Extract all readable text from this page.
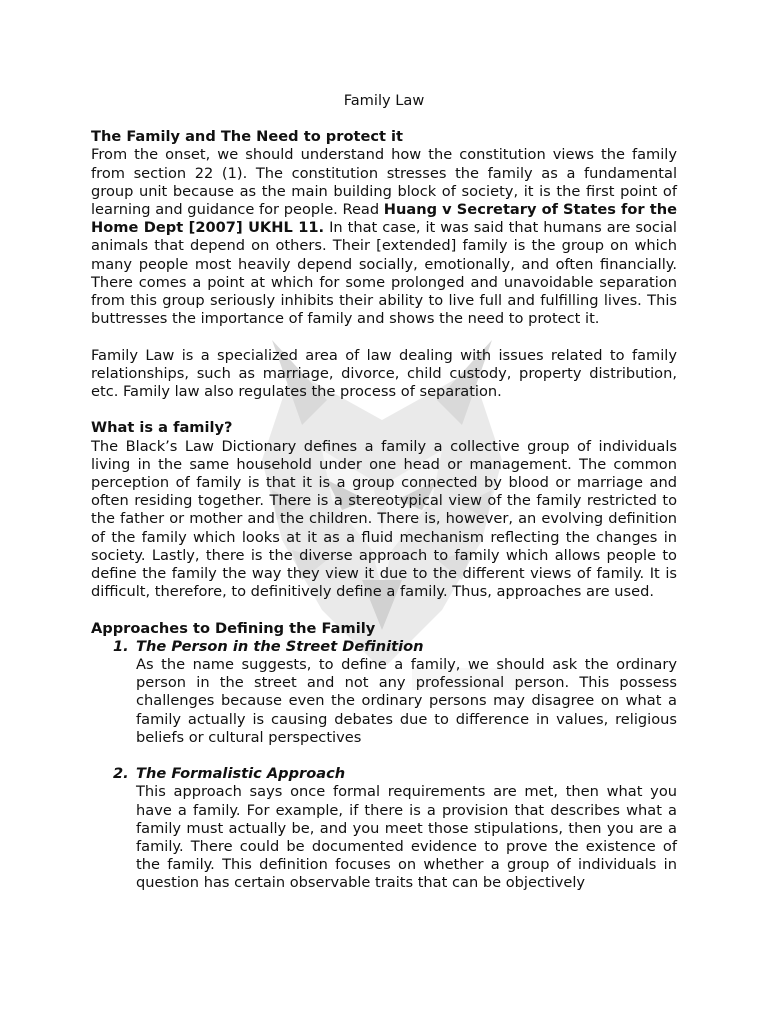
Family Law

The Family and The Need to protect it

From the onset, we should understand how the constitution views the family from section 22 (1). The constitution stresses the family as a fundamental group unit because as the main building block of society, it is the first point of learning and guidance for people. Read Huang v Secretary of States for the Home Dept [2007] UKHL 11. In that case, it was said that humans are social animals that depend on others. Their [extended] family is the group on which many people most heavily depend socially, emotionally, and often financially. There comes a point at which for some prolonged and unavoidable separation from this group seriously inhibits their ability to live full and fulfilling lives. This buttresses the importance of family and shows the need to protect it.

Family Law is a specialized area of law dealing with issues related to family relationships, such as marriage, divorce, child custody, property distribution, etc. Family law also regulates the process of separation.

What is a family?

The Black’s Law Dictionary defines a family a collective group of individuals living in the same household under one head or management. The common perception of family is that it is a group connected by blood or marriage and often residing together. There is a stereotypical view of the family restricted to the father or mother and the children. There is, however, an evolving definition of the family which looks at it as a fluid mechanism reflecting the changes in society. Lastly, there is the diverse approach to family which allows people to define the family the way they view it due to the different views of family. It is difficult, therefore, to definitively define a family. Thus, approaches are used.

Approaches to Defining the Family

1. The Person in the Street Definition

As the name suggests, to define a family, we should ask the ordinary person in the street and not any professional person. This possess challenges because even the ordinary persons may disagree on what a family actually is causing debates due to difference in values, religious beliefs or cultural perspectives

2. The Formalistic Approach

This approach says once formal requirements are met, then what you have a family. For example, if there is a provision that describes what a family must actually be, and you meet those stipulations, then you are a family. There could be documented evidence to prove the existence of the family. This definition focuses on whether a group of individuals in question has certain observable traits that can be objectively
